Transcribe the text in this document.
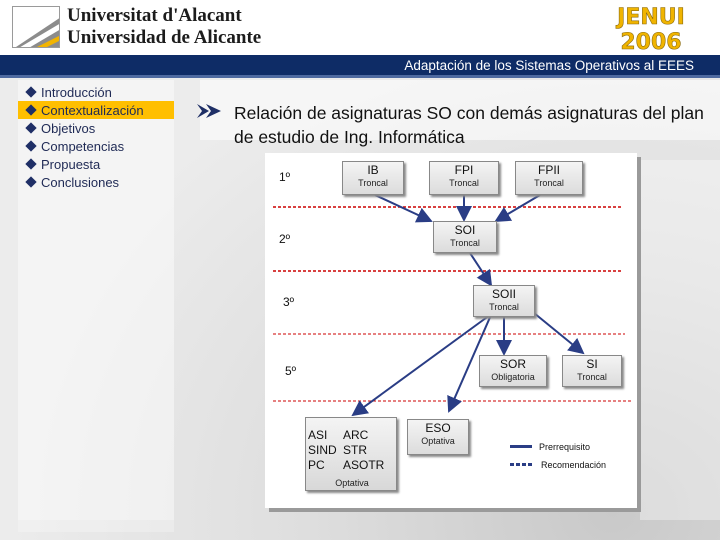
Universitat d'Alacant
Universidad de Alicante
JENUI
2006
Adaptación de los Sistemas Operativos al EEES
Introducción
Contextualización
Objetivos
Competencias
Propuesta
Conclusiones
Relación de asignaturas SO con demás asignaturas del plan de estudio de Ing. Informática
1º
2º
3º
5º
IB
Troncal
FPI
Troncal
FPII
Troncal
SOI
Troncal
SOII
Troncal
SOR
Obligatoria
SI
Troncal
ESO
Optativa
ASI	ARC
SIND STR
PC	ASOTR
Optativa
Prerrequisito
Recomendación
